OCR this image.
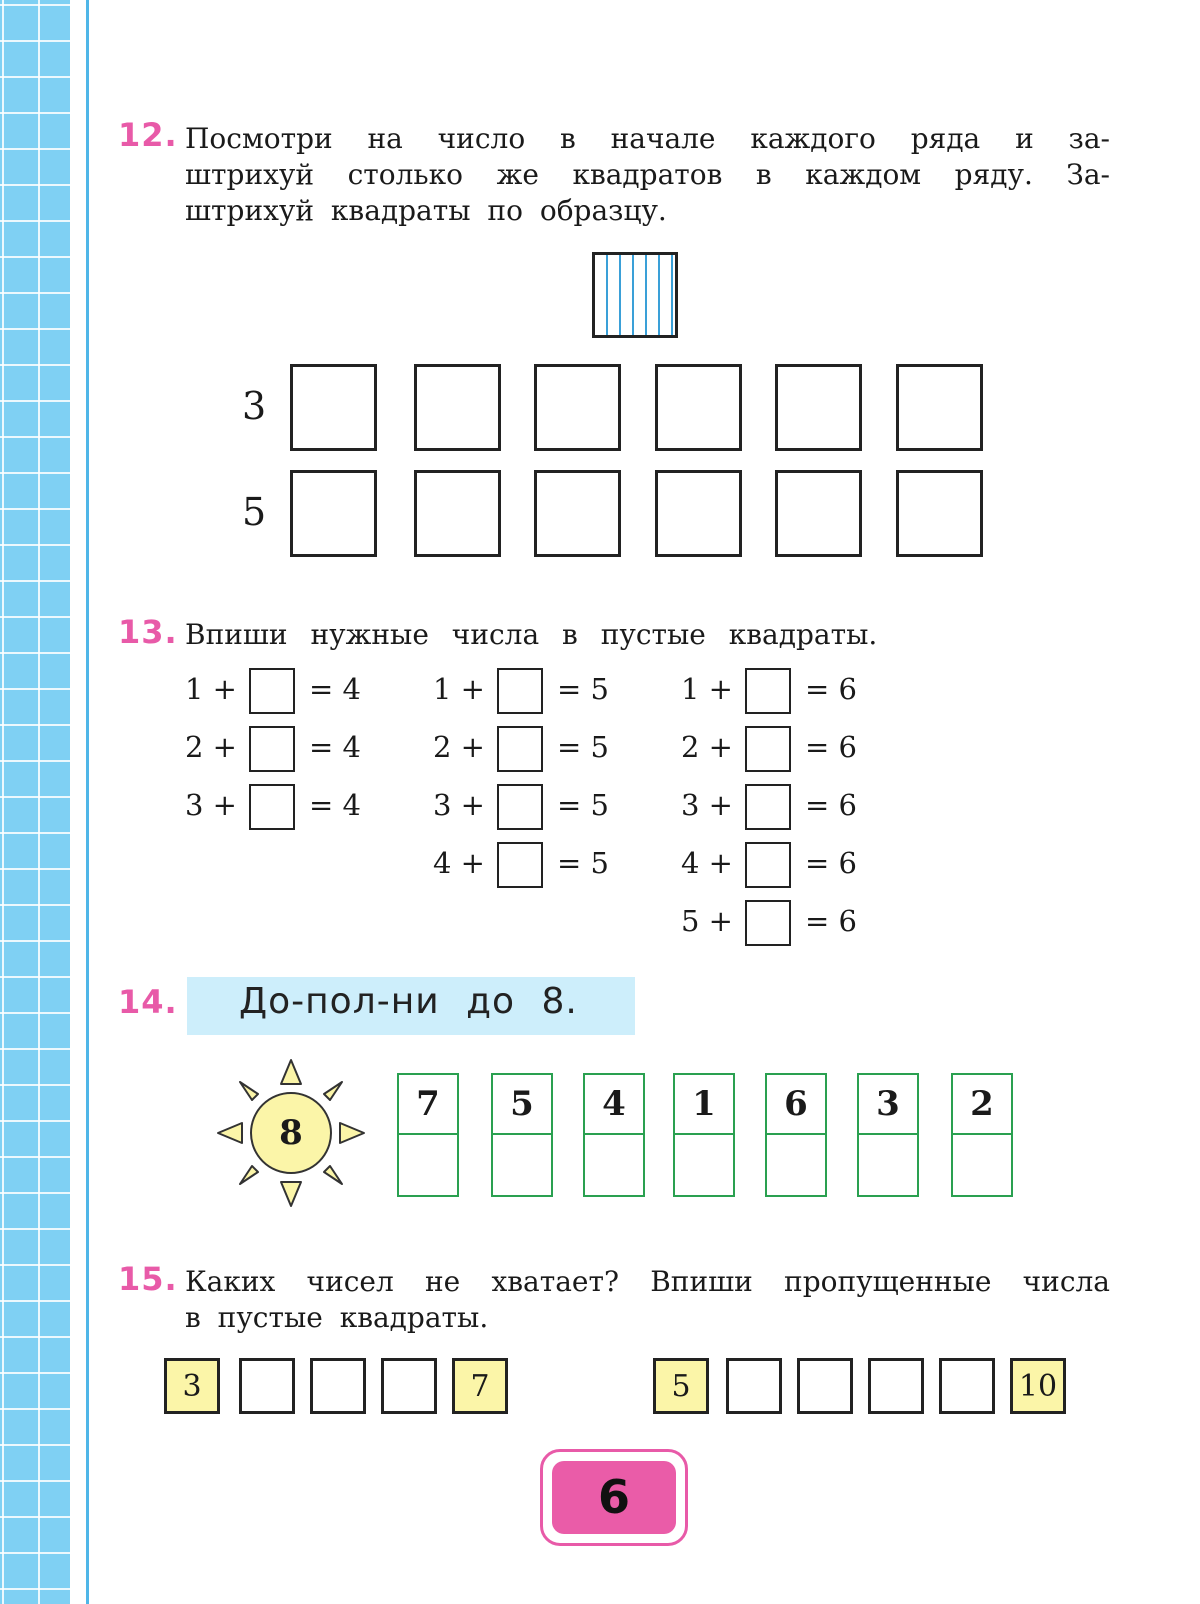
12. Посмотри на число в начале каждого ряда и за-
штрихуй столько же квадратов в каждом ряду. За-
штрихуй квадраты по образцу.
3
5
13. Впиши нужные числа в пустые квадраты.
1 + = 4
2 + = 4
3 + = 4
1 + = 5
2 + = 5
3 + = 5
4 + = 5
1 + = 6
2 + = 6
3 + = 6
4 + = 6
5 + = 6
14. До-пол-ни до 8.
8
7	5	4	1	6	3	2
15. Каких чисел не хватает? Впиши пропущенные числа
в пустые квадраты.
3	7	5	10
6
